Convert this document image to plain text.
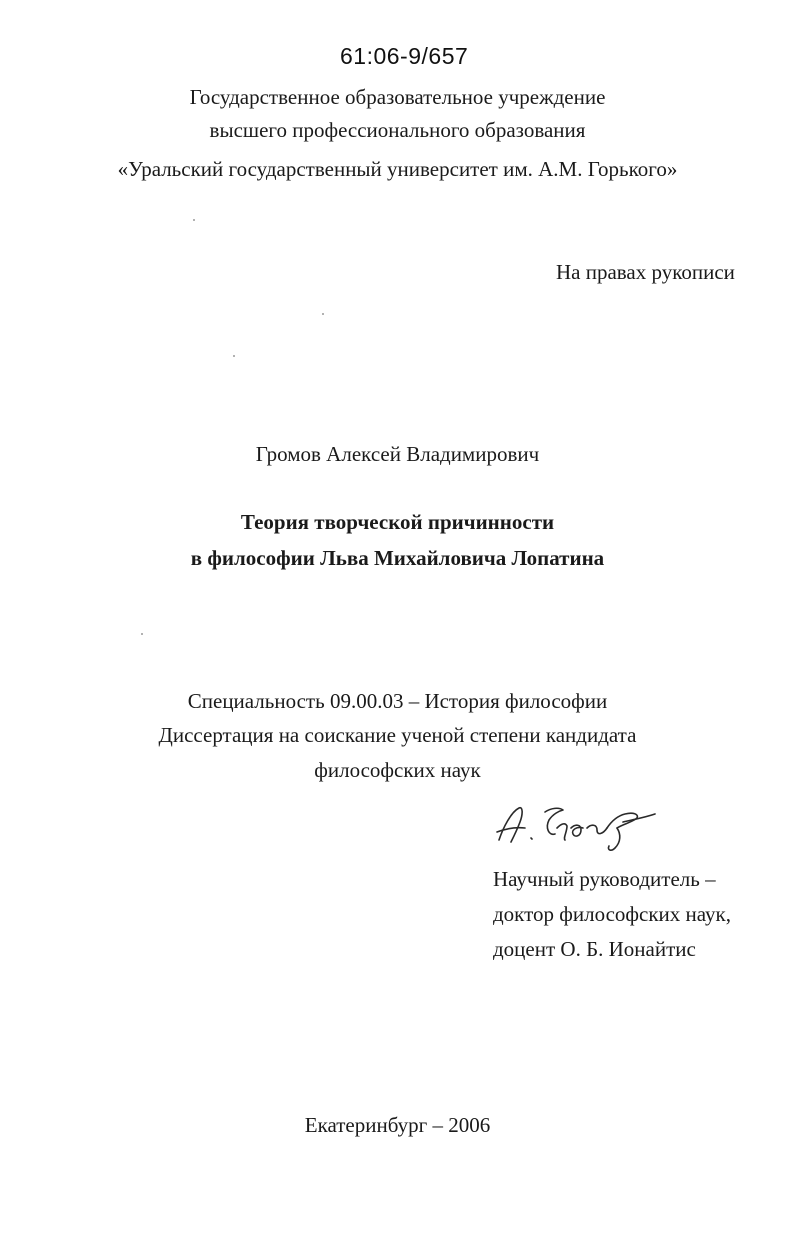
61:06-9/657
Государственное образовательное учреждение
высшего профессионального образования
«Уральский государственный университет им. А.М. Горького»
На правах рукописи
Громов Алексей Владимирович
Теория творческой причинности
в философии Льва Михайловича Лопатина
Специальность 09.00.03 – История философии
Диссертация на соискание ученой степени кандидата
философских наук
Научный руководитель –
доктор философских наук,
доцент О. Б. Ионайтис
Екатеринбург – 2006
